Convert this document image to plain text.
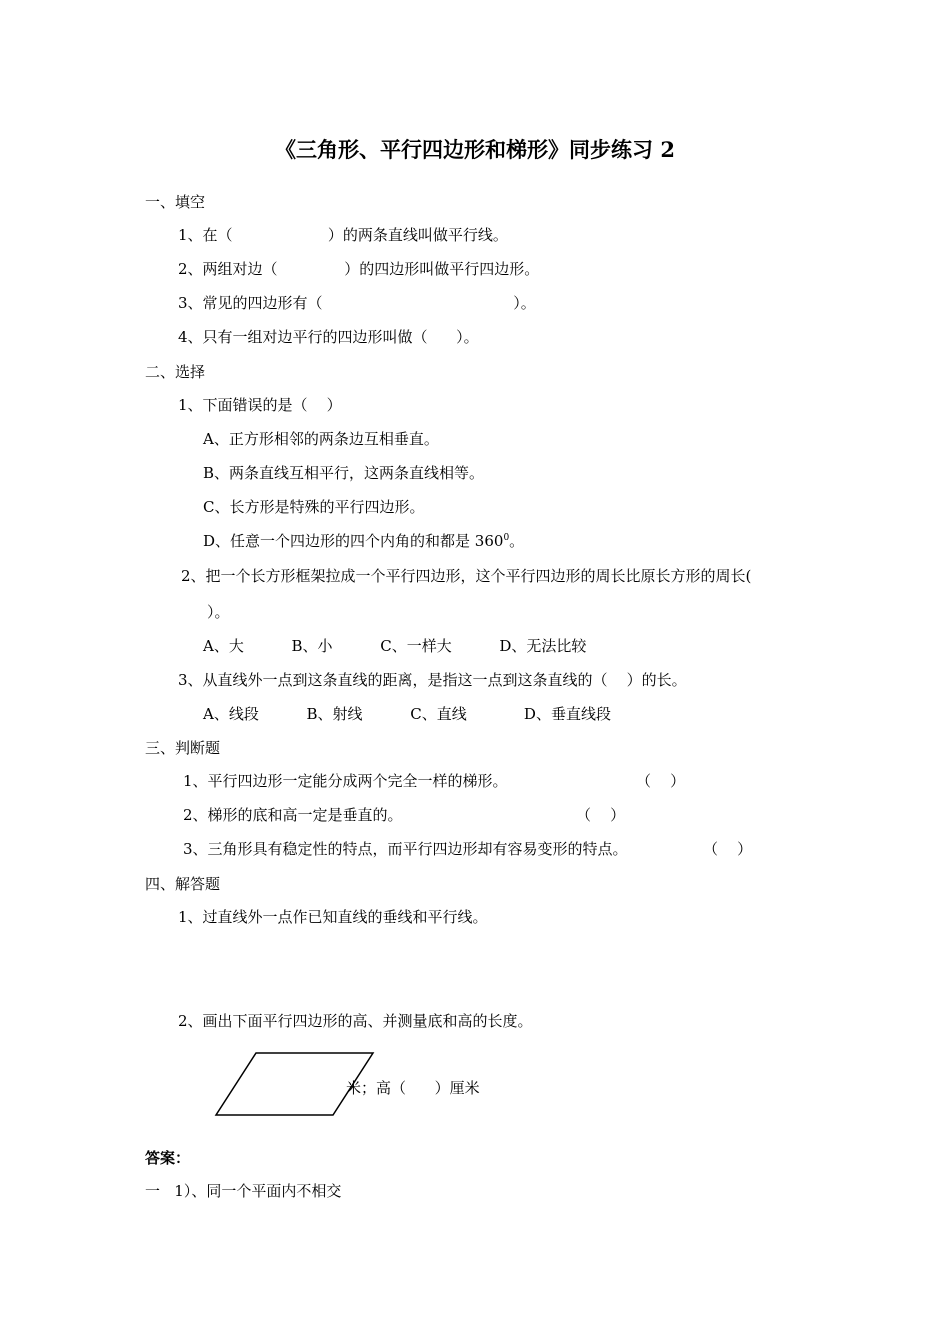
《三角形、平行四边形和梯形》同步练习 2
一、填空
1、在（                    ）的两条直线叫做平行线。
2、两组对边（              ）的四边形叫做平行四边形。
3、常见的四边形有（                                        ）。
4、只有一组对边平行的四边形叫做（      ）。
二、选择
1、下面错误的是（    ）
A、正方形相邻的两条边互相垂直。
B、两条直线互相平行，这两条直线相等。
C、长方形是特殊的平行四边形。
D、任意一个四边形的四个内角的和都是 $360^0$。
2、把一个长方形框架拉成一个平行四边形，这个平行四边形的周长比原长方形的周长(
）。
A、大          B、小          C、一样大          D、无法比较
3、从直线外一点到这条直线的距离，是指这一点到这条直线的（    ）的长。
A、线段          B、射线          C、直线            D、垂直线段
三、判断题
1、平行四边形一定能分成两个完全一样的梯形。	（    ）
2、梯形的底和高一定是垂直的。	（    ）
3、三角形具有稳定性的特点，而平行四边形却有容易变形的特点。	（    ）
四、解答题
1、过直线外一点作已知直线的垂线和平行线。
2、画出下面平行四边形的高、并测量底和高的长度。
米；高（      ）厘米
答案：
一   1）、同一个平面内不相交
